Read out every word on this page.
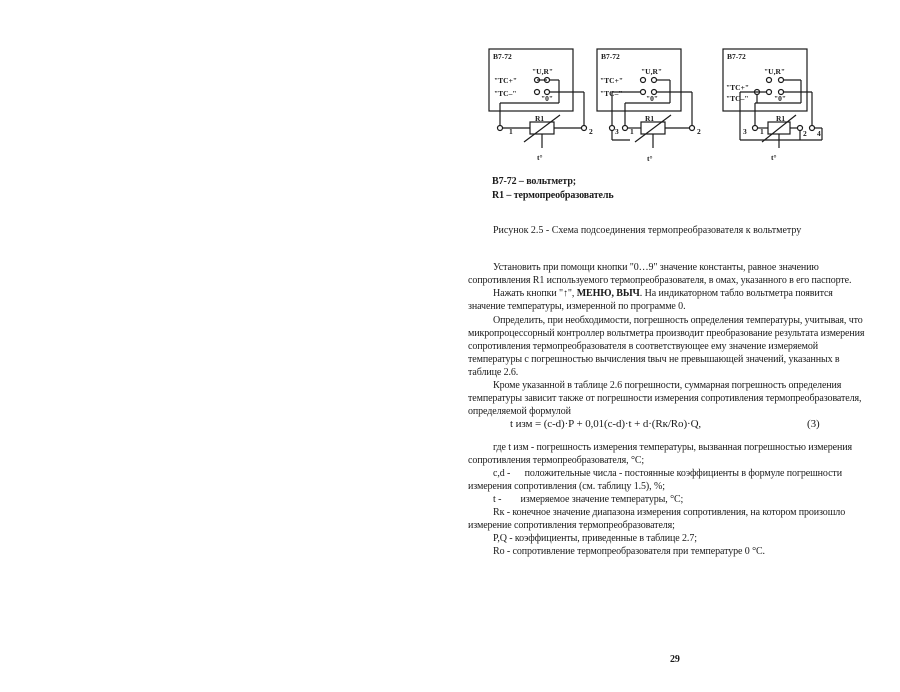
В7-72
"U,R"
"ТС+"
"ТС–"
"0"
R1
1	2
t°
В7-72
"U,R"
"ТС+"
"ТС–"
"0"
R1
3 1	2
t°
В7-72
"U,R"
"ТС+"
"ТС–"	"0"
R1
3 1	2 4
t°
В7-72 – вольтметр;
R1 – термопреобразователь
Рисунок 2.5 - Схема подсоединения термопреобразователя к вольтметру
Установить при помощи кнопки "0…9" значение константы, равное значению
сопротивления R1 используемого термопреобразователя, в омах, указанного в его паспорте.
Нажать кнопки "↑", МЕНЮ, ВЫЧ. На индикаторном табло вольтметра появится
значение температуры, измеренной по программе 0.
Определить, при необходимости, погрешность определения температуры, учитывая, что
микропроцессорный контроллер вольтметра производит преобразование результата измерения
сопротивления термопреобразователя в соответствующее ему значение измеряемой
температуры с погрешностью вычисления tвыч не превышающей значений, указанных в
таблице 2.6.
Кроме указанной в таблице 2.6 погрешности, суммарная погрешность определения
температуры зависит также от погрешности измерения сопротивления термопреобразователя,
определяемой формулой
t изм = (c-d)·P + 0,01(c-d)·t + d·(Rк/Ro)·Q,	(3)
где t изм - погрешность измерения температуры, вызванная погрешностью измерения
сопротивления термопреобразователя, °С;
c,d -      положительные числа - постоянные коэффициенты в формуле погрешности
измерения сопротивления (см. таблицу 1.5), %;
t -        измеряемое значение температуры, °С;
Rк - конечное значение диапазона измерения сопротивления, на котором произошло
измерение сопротивления термопреобразователя;
P,Q - коэффициенты, приведенные в таблице 2.7;
Ro - сопротивление термопреобразователя при температуре 0 °С.
29
